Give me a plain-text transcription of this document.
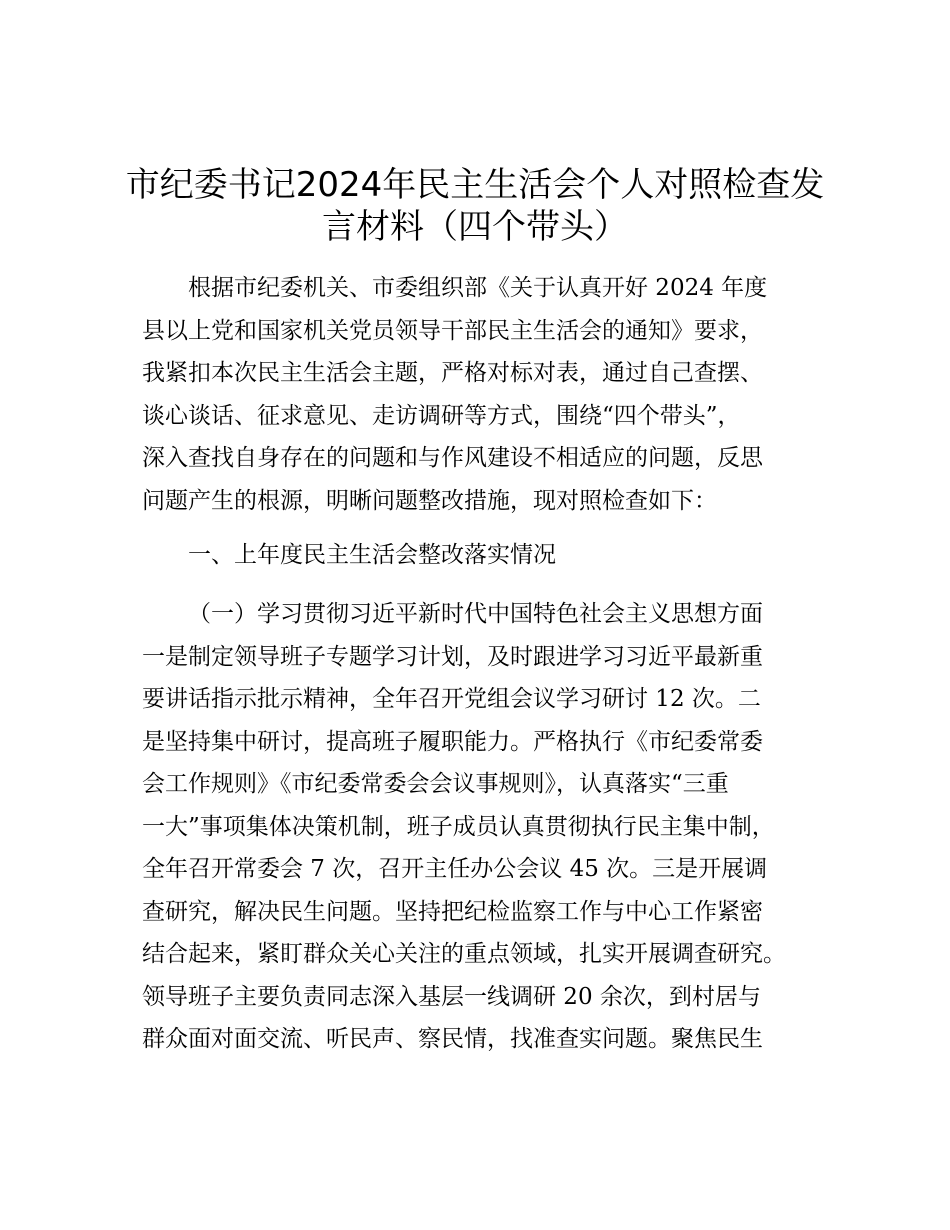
市纪委书记2024年民主生活会个人对照检查发
言材料（四个带头）

根据市纪委机关、市委组织部《关于认真开好 2024 年度
县以上党和国家机关党员领导干部民主生活会的通知》要求，
我紧扣本次民主生活会主题，严格对标对表，通过自己查摆、
谈心谈话、征求意见、走访调研等方式，围绕“四个带头”，
深入查找自身存在的问题和与作风建设不相适应的问题，反思
问题产生的根源，明晰问题整改措施，现对照检查如下：

一、上年度民主生活会整改落实情况

（一）学习贯彻习近平新时代中国特色社会主义思想方面
一是制定领导班子专题学习计划，及时跟进学习习近平最新重
要讲话指示批示精神，全年召开党组会议学习研讨 12 次。二
是坚持集中研讨，提高班子履职能力。严格执行《市纪委常委
会工作规则》《市纪委常委会会议事规则》，认真落实“三重
一大”事项集体决策机制，班子成员认真贯彻执行民主集中制，
全年召开常委会 7 次，召开主任办公会议 45 次。三是开展调
查研究，解决民生问题。坚持把纪检监察工作与中心工作紧密
结合起来，紧盯群众关心关注的重点领域，扎实开展调查研究。
领导班子主要负责同志深入基层一线调研 20 余次，到村居与
群众面对面交流、听民声、察民情，找准查实问题。聚焦民生
